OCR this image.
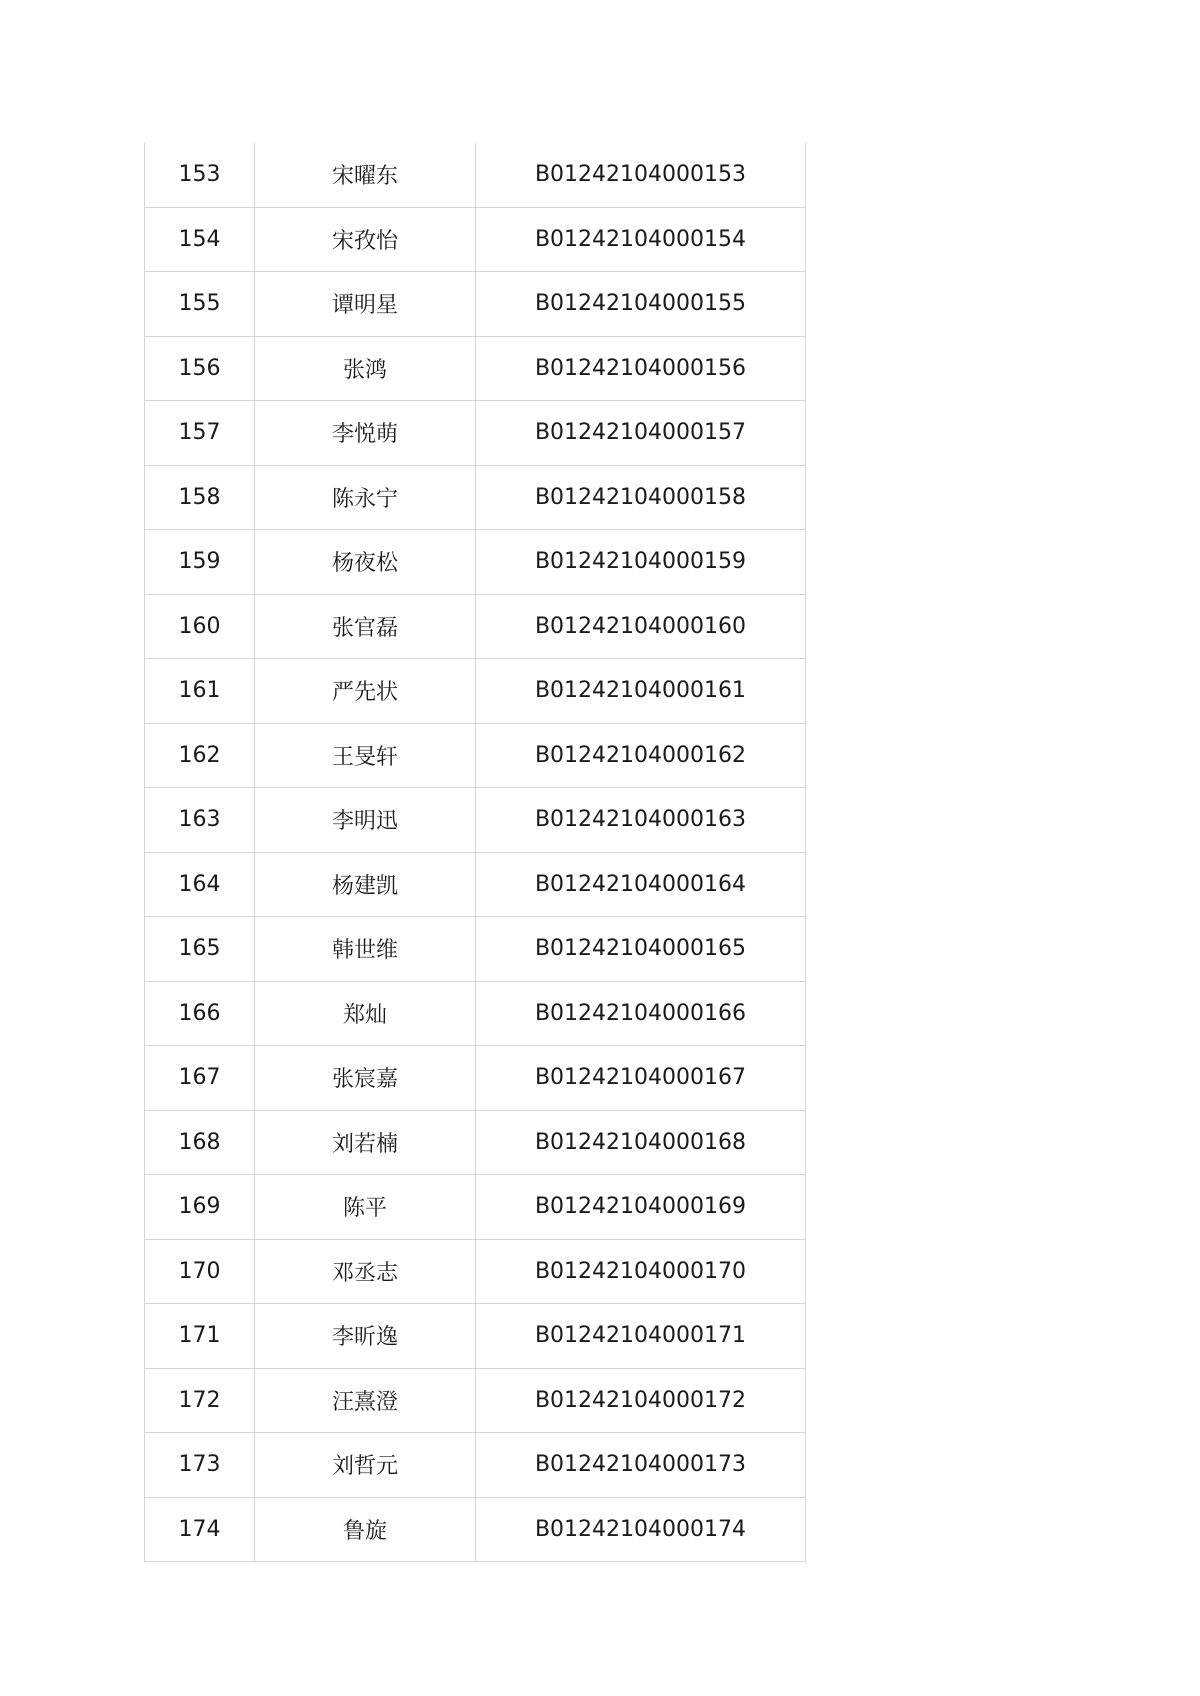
153	宋曜东	B01242104000153
154	宋孜怡	B01242104000154
155	谭明星	B01242104000155
156	张鸿	B01242104000156
157	李悦萌	B01242104000157
158	陈永宁	B01242104000158
159	杨夜松	B01242104000159
160	张官磊	B01242104000160
161	严先状	B01242104000161
162	王旻轩	B01242104000162
163	李明迅	B01242104000163
164	杨建凯	B01242104000164
165	韩世维	B01242104000165
166	郑灿	B01242104000166
167	张宸嘉	B01242104000167
168	刘若楠	B01242104000168
169	陈平	B01242104000169
170	邓丞志	B01242104000170
171	李昕逸	B01242104000171
172	汪熹澄	B01242104000172
173	刘哲元	B01242104000173
174	鲁旋	B01242104000174
